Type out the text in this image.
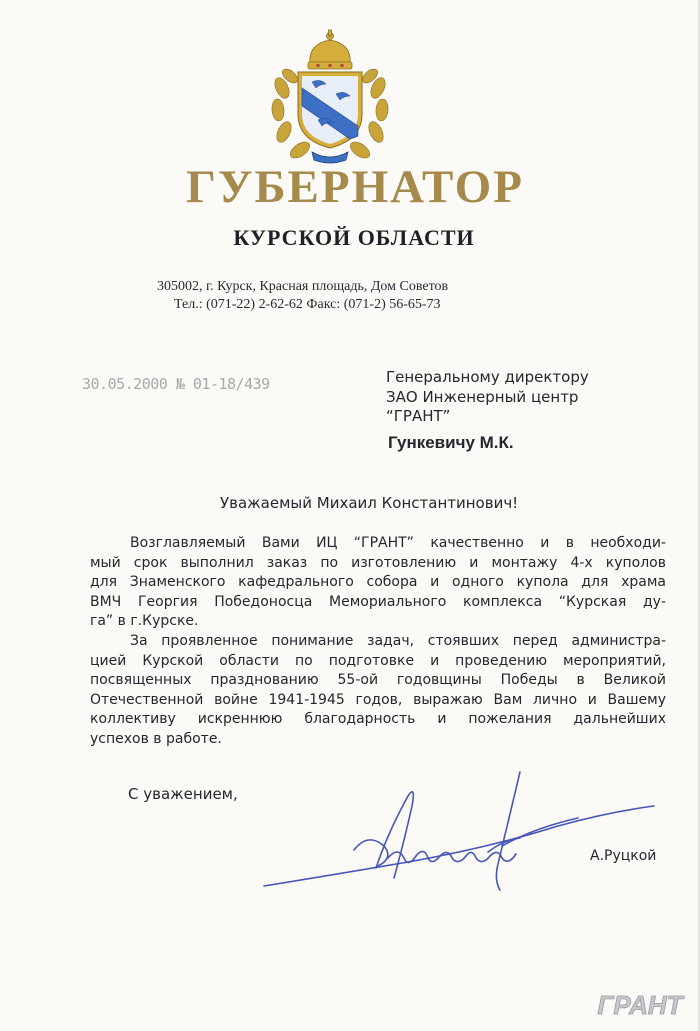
ГУБЕРНАТОР
КУРСКОЙ ОБЛАСТИ
305002, г. Курск, Красная площадь, Дом Советов
Тел.: (071-22) 2-62-62 Факс: (071-2) 56-65-73
30.05.2000 № 01-18/439	Генеральному директору
ЗАО Инженерный центр
“ГРАНТ”
Гункевичу М.К.
Уважаемый Михаил Константинович!

Возглавляемый Вами ИЦ “ГРАНТ” качественно и в необходи-
мый срок выполнил заказ по изготовлению и монтажу 4-х куполов
для Знаменского кафедрального собора и одного купола для храма
ВМЧ Георгия Победоносца Мемориального комплекса “Курская ду-
га” в г.Курске.

За проявленное понимание задач, стоявших перед администра-
цией Курской области по подготовке и проведению мероприятий,
посвященных празднованию 55-ой годовщины Победы в Великой
Отечественной войне 1941-1945 годов, выражаю Вам лично и Вашему
коллективу искреннюю благодарность и пожелания дальнейших
успехов в работе.

С уважением,
А.Руцкой
ГРАНТ
